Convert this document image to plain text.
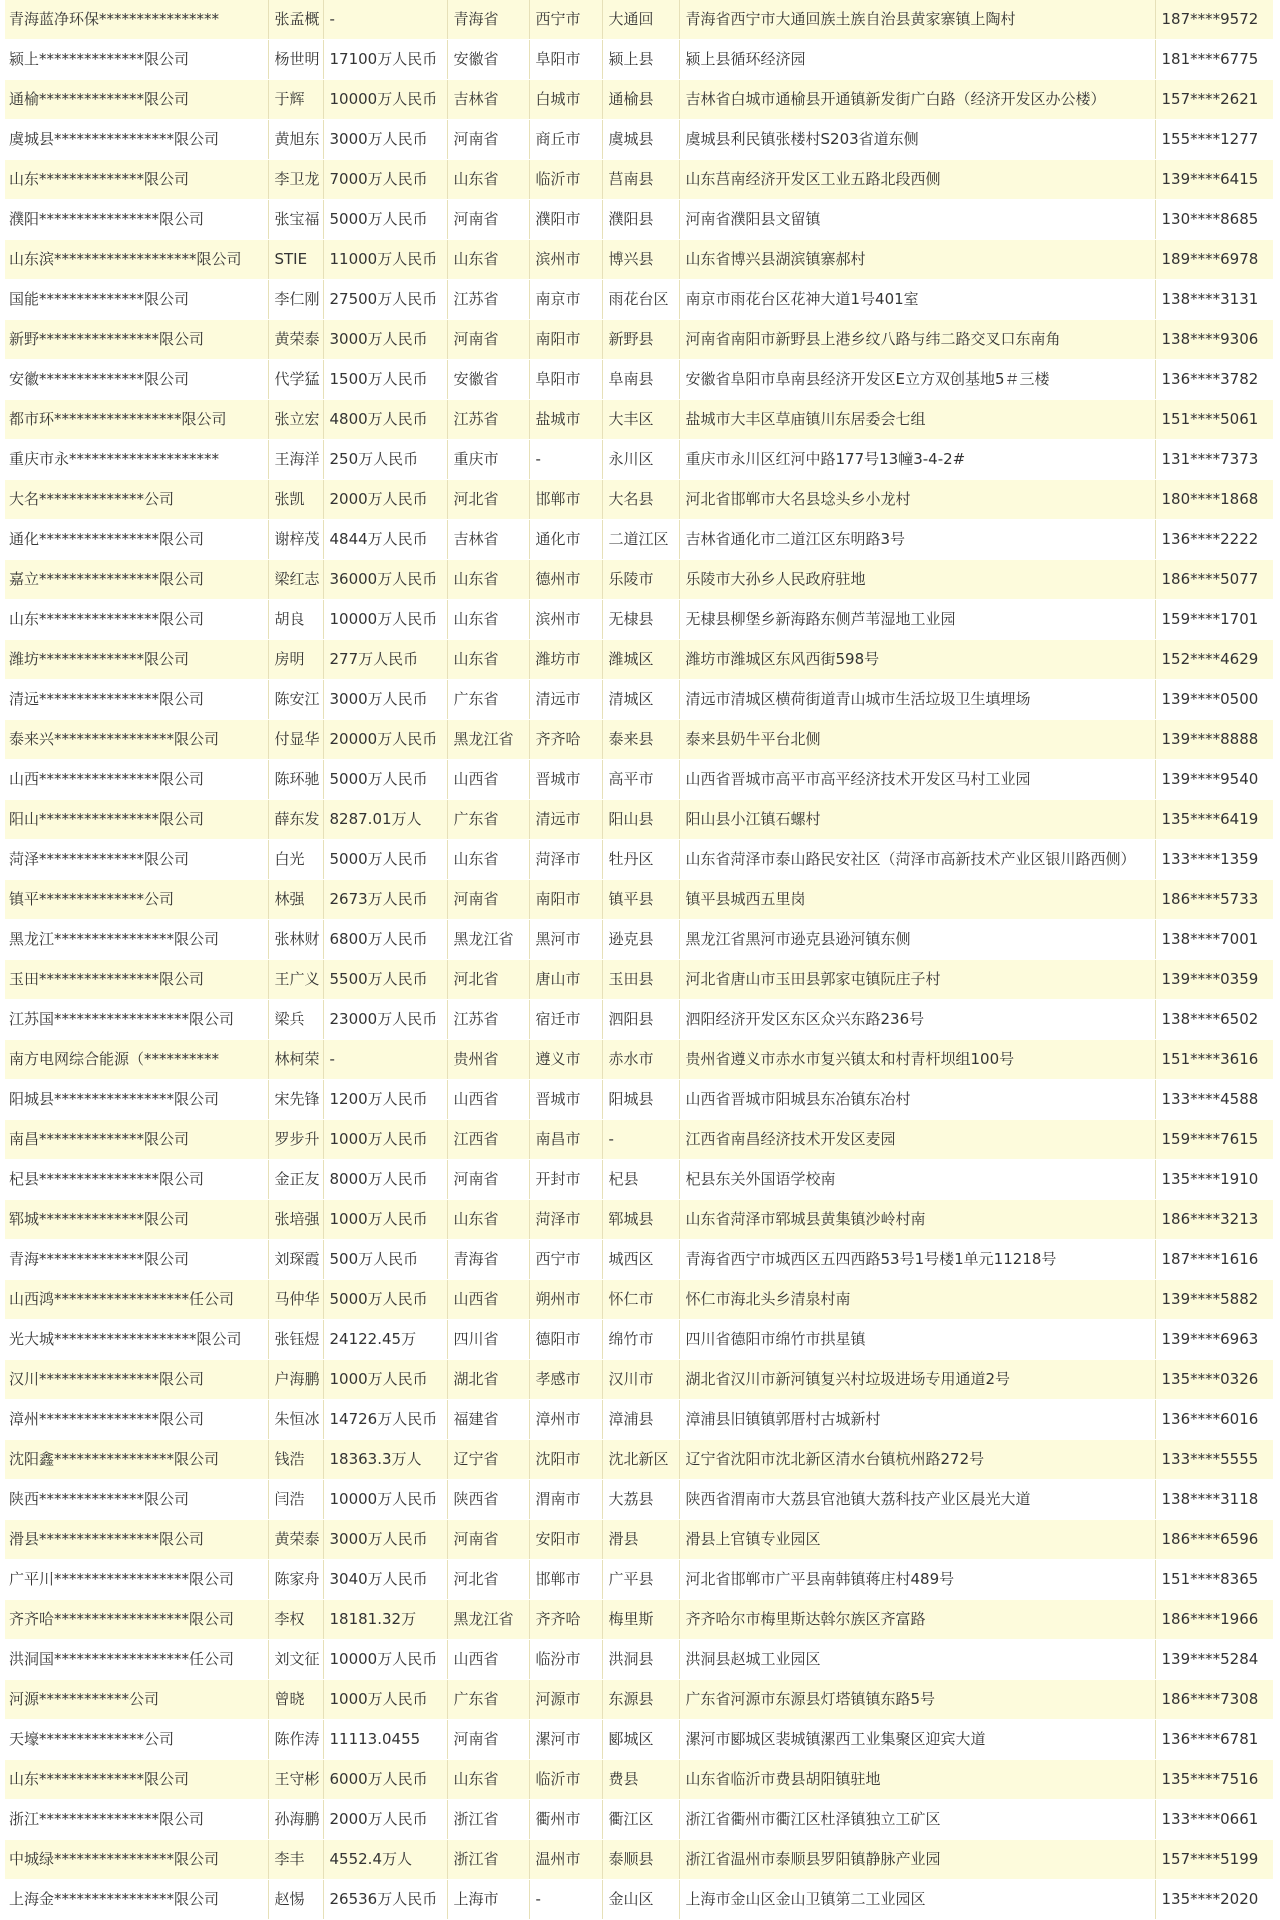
青海蓝净环保****************	张孟概	-	青海省	西宁市	大通回	青海省西宁市大通回族土族自治县黄家寨镇上陶村	187****9572
颍上**************限公司	杨世明	17100万人民币	安徽省	阜阳市	颍上县	颍上县循环经济园	181****6775
通榆**************限公司	于辉	10000万人民币	吉林省	白城市	通榆县	吉林省白城市通榆县开通镇新发街广白路（经济开发区办公楼）	157****2621
虞城县****************限公司	黄旭东	3000万人民币	河南省	商丘市	虞城县	虞城县利民镇张楼村S203省道东侧	155****1277
山东**************限公司	李卫龙	7000万人民币	山东省	临沂市	莒南县	山东莒南经济开发区工业五路北段西侧	139****6415
濮阳****************限公司	张宝福	5000万人民币	河南省	濮阳市	濮阳县	河南省濮阳县文留镇	130****8685
山东滨*******************限公司	STIE	11000万人民币	山东省	滨州市	博兴县	山东省博兴县湖滨镇寨郝村	189****6978
国能**************限公司	李仁刚	27500万人民币	江苏省	南京市	雨花台区	南京市雨花台区花神大道1号401室	138****3131
新野****************限公司	黄荣泰	3000万人民币	河南省	南阳市	新野县	河南省南阳市新野县上港乡纹八路与纬二路交叉口东南角	138****9306
安徽**************限公司	代学猛	1500万人民币	安徽省	阜阳市	阜南县	安徽省阜阳市阜南县经济开发区E立方双创基地5＃三楼	136****3782
都市环*****************限公司	张立宏	4800万人民币	江苏省	盐城市	大丰区	盐城市大丰区草庙镇川东居委会七组	151****5061
重庆市永********************	王海洋	250万人民币	重庆市	-	永川区	重庆市永川区红河中路177号13幢3-4-2#	131****7373
大名**************公司	张凯	2000万人民币	河北省	邯郸市	大名县	河北省邯郸市大名县埝头乡小龙村	180****1868
通化****************限公司	谢梓茂	4844万人民币	吉林省	通化市	二道江区	吉林省通化市二道江区东明路3号	136****2222
嘉立****************限公司	梁红志	36000万人民币	山东省	德州市	乐陵市	乐陵市大孙乡人民政府驻地	186****5077
山东****************限公司	胡良	10000万人民币	山东省	滨州市	无棣县	无棣县柳堡乡新海路东侧芦苇湿地工业园	159****1701
潍坊**************限公司	房明	277万人民币	山东省	潍坊市	潍城区	潍坊市潍城区东风西街598号	152****4629
清远****************限公司	陈安江	3000万人民币	广东省	清远市	清城区	清远市清城区横荷街道青山城市生活垃圾卫生填埋场	139****0500
泰来兴****************限公司	付显华	20000万人民币	黑龙江省	齐齐哈	泰来县	泰来县奶牛平台北侧	139****8888
山西****************限公司	陈环驰	5000万人民币	山西省	晋城市	高平市	山西省晋城市高平市高平经济技术开发区马村工业园	139****9540
阳山****************限公司	薛东发	8287.01万人	广东省	清远市	阳山县	阳山县小江镇石螺村	135****6419
菏泽**************限公司	白光	5000万人民币	山东省	菏泽市	牡丹区	山东省菏泽市泰山路民安社区（菏泽市高新技术产业区银川路西侧）	133****1359
镇平**************公司	林强	2673万人民币	河南省	南阳市	镇平县	镇平县城西五里岗	186****5733
黑龙江****************限公司	张林财	6800万人民币	黑龙江省	黑河市	逊克县	黑龙江省黑河市逊克县逊河镇东侧	138****7001
玉田****************限公司	王广义	5500万人民币	河北省	唐山市	玉田县	河北省唐山市玉田县郭家屯镇阮庄子村	139****0359
江苏国******************限公司	梁兵	23000万人民币	江苏省	宿迁市	泗阳县	泗阳经济开发区东区众兴东路236号	138****6502
南方电网综合能源（**********	林柯荣	-	贵州省	遵义市	赤水市	贵州省遵义市赤水市复兴镇太和村青杆坝组100号	151****3616
阳城县****************限公司	宋先锋	1200万人民币	山西省	晋城市	阳城县	山西省晋城市阳城县东冶镇东冶村	133****4588
南昌**************限公司	罗步升	1000万人民币	江西省	南昌市	-	江西省南昌经济技术开发区麦园	159****7615
杞县****************限公司	金正友	8000万人民币	河南省	开封市	杞县	杞县东关外国语学校南	135****1910
郓城**************限公司	张培强	1000万人民币	山东省	菏泽市	郓城县	山东省菏泽市郓城县黄集镇沙岭村南	186****3213
青海**************限公司	刘琛霞	500万人民币	青海省	西宁市	城西区	青海省西宁市城西区五四西路53号1号楼1单元11218号	187****1616
山西鸿******************任公司	马仲华	5000万人民币	山西省	朔州市	怀仁市	怀仁市海北头乡清泉村南	139****5882
光大城*******************限公司	张钰煜	24122.45万	四川省	德阳市	绵竹市	四川省德阳市绵竹市拱星镇	139****6963
汉川****************限公司	户海鹏	1000万人民币	湖北省	孝感市	汉川市	湖北省汉川市新河镇复兴村垃圾进场专用通道2号	135****0326
漳州****************限公司	朱恒冰	14726万人民币	福建省	漳州市	漳浦县	漳浦县旧镇镇郭厝村古城新村	136****6016
沈阳鑫****************限公司	钱浩	18363.3万人	辽宁省	沈阳市	沈北新区	辽宁省沈阳市沈北新区清水台镇杭州路272号	133****5555
陕西**************限公司	闫浩	10000万人民币	陕西省	渭南市	大荔县	陕西省渭南市大荔县官池镇大荔科技产业区晨光大道	138****3118
滑县****************限公司	黄荣泰	3000万人民币	河南省	安阳市	滑县	滑县上官镇专业园区	186****6596
广平川******************限公司	陈家舟	3040万人民币	河北省	邯郸市	广平县	河北省邯郸市广平县南韩镇蒋庄村489号	151****8365
齐齐哈******************限公司	李权	18181.32万	黑龙江省	齐齐哈	梅里斯	齐齐哈尔市梅里斯达斡尔族区齐富路	186****1966
洪洞国******************任公司	刘文征	10000万人民币	山西省	临汾市	洪洞县	洪洞县赵城工业园区	139****5284
河源************公司	曾晓	1000万人民币	广东省	河源市	东源县	广东省河源市东源县灯塔镇镇东路5号	186****7308
天壕**************公司	陈作涛	11113.0455	河南省	漯河市	郾城区	漯河市郾城区裴城镇漯西工业集聚区迎宾大道	136****6781
山东**************限公司	王守彬	6000万人民币	山东省	临沂市	费县	山东省临沂市费县胡阳镇驻地	135****7516
浙江****************限公司	孙海鹏	2000万人民币	浙江省	衢州市	衢江区	浙江省衢州市衢江区杜泽镇独立工矿区	133****0661
中城绿****************限公司	李丰	4552.4万人	浙江省	温州市	泰顺县	浙江省温州市泰顺县罗阳镇静脉产业园	157****5199
上海金****************限公司	赵惕	26536万人民币	上海市	-	金山区	上海市金山区金山卫镇第二工业园区	135****2020
